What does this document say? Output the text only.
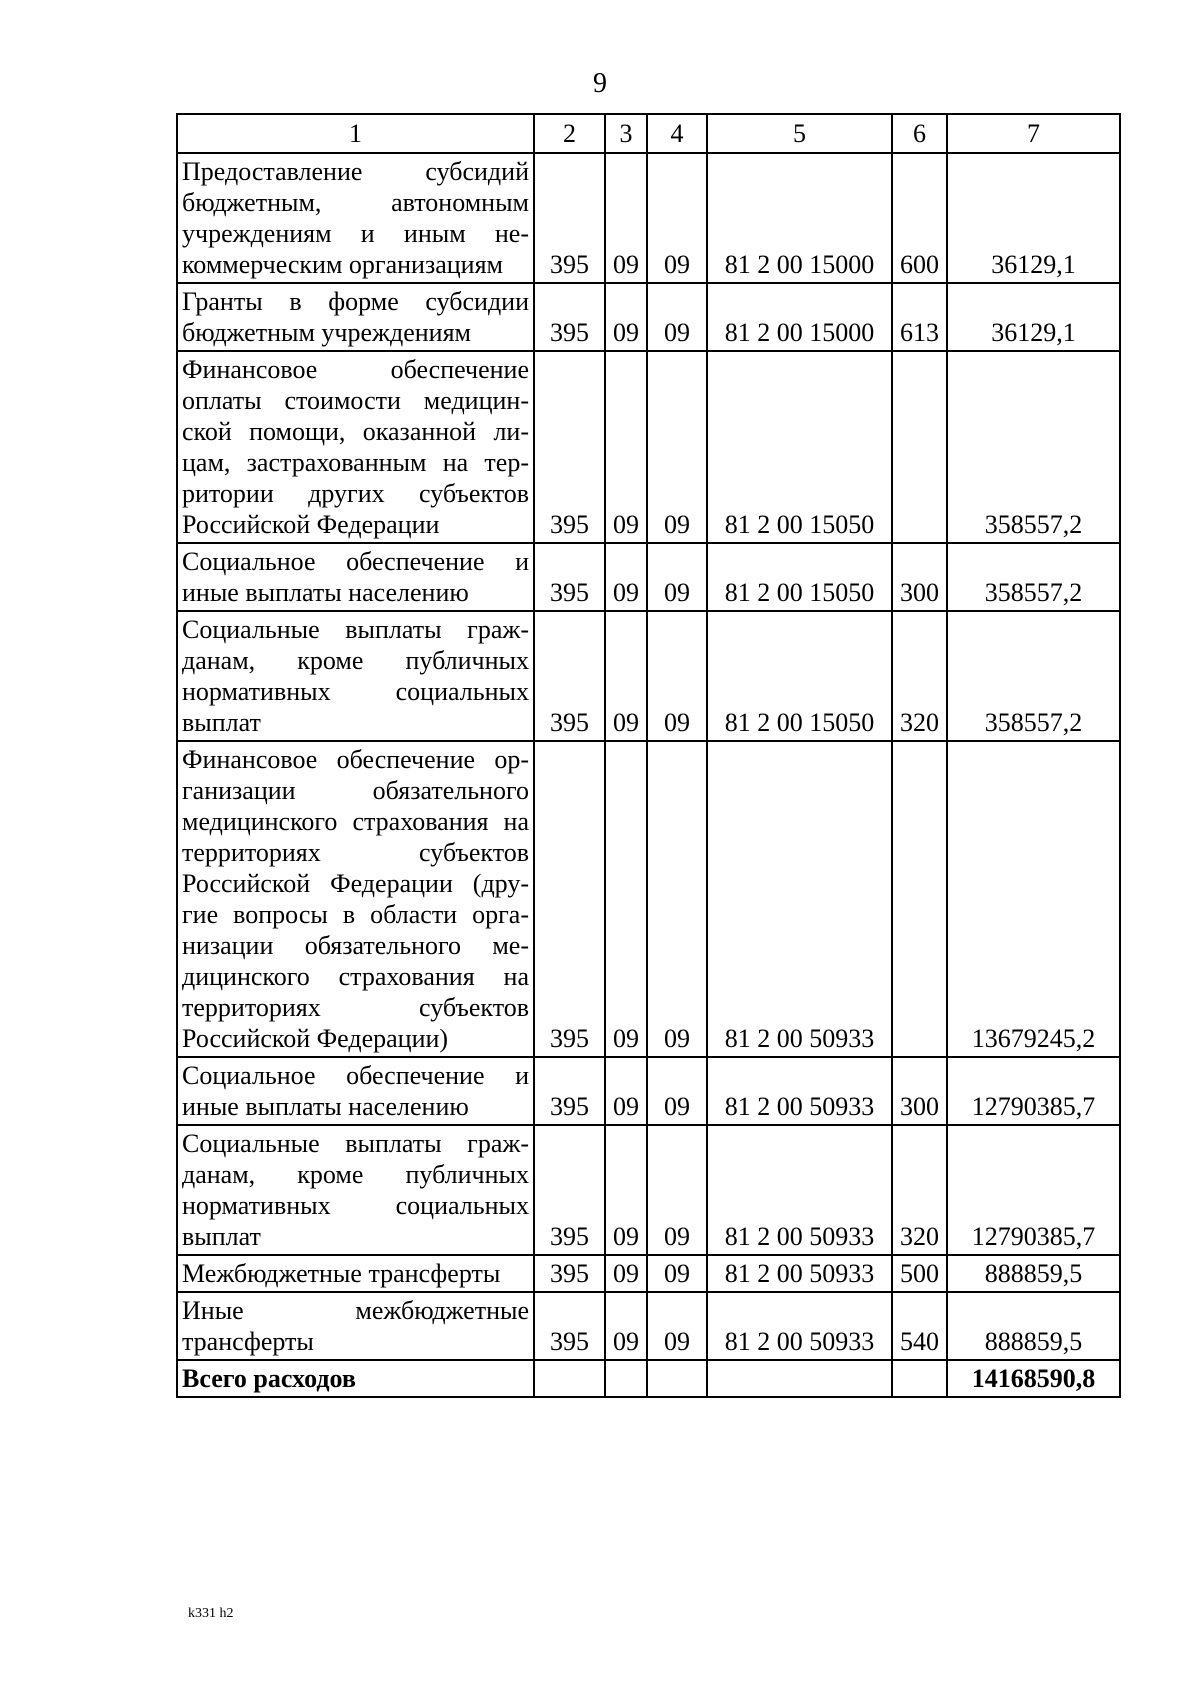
9
1	2	3	4	5	6	7
Предоставление субсидий бюджетным, автономным учреждениям и иным не-коммерческим организациям	395	09	09	81 2 00 15000	600	36129,1
Гранты в форме субсидии бюджетным учреждениям	395	09	09	81 2 00 15000	613	36129,1
Финансовое обеспечение оплаты стоимости медицин-ской помощи, оказанной ли-цам, застрахованным на тер-ритории других субъектов Российской Федерации	395	09	09	81 2 00 15050		358557,2
Социальное обеспечение и иные выплаты населению	395	09	09	81 2 00 15050	300	358557,2
Социальные выплаты граж-данам, кроме публичных нормативных социальных выплат	395	09	09	81 2 00 15050	320	358557,2
Финансовое обеспечение ор-ганизации обязательного медицинского страхования на территориях субъектов Российской Федерации (дру-гие вопросы в области орга-низации обязательного ме-дицинского страхования на территориях субъектов Российской Федерации)	395	09	09	81 2 00 50933		13679245,2
Социальное обеспечение и иные выплаты населению	395	09	09	81 2 00 50933	300	12790385,7
Социальные выплаты граж-данам, кроме публичных нормативных социальных выплат	395	09	09	81 2 00 50933	320	12790385,7
Межбюджетные трансферты	395	09	09	81 2 00 50933	500	888859,5
Иные межбюджетные трансферты	395	09	09	81 2 00 50933	540	888859,5
Всего расходов						14168590,8
k331 h2
